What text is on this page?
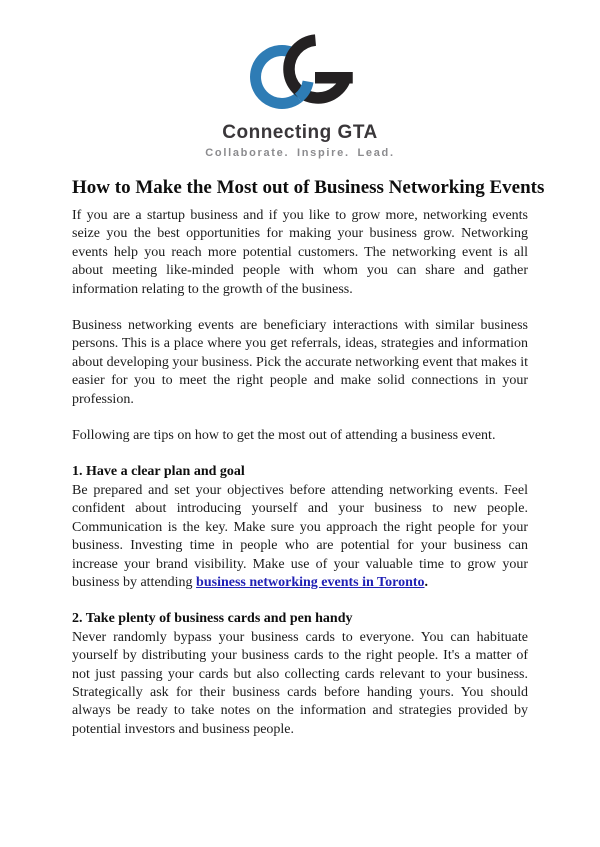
Connecting GTA
Collaborate. Inspire. Lead.
How to Make the Most out of Business Networking Events

If you are a startup business and if you like to grow more, networking events seize you the best opportunities for making your business grow. Networking events help you reach more potential customers. The networking event is all about meeting like-minded people with whom you can share and gather information relating to the growth of the business.

Business networking events are beneficiary interactions with similar business persons. This is a place where you get referrals, ideas, strategies and information about developing your business. Pick the accurate networking event that makes it easier for you to meet the right people and make solid connections in your profession.

Following are tips on how to get the most out of attending a business event.

1. Have a clear plan and goal

Be prepared and set your objectives before attending networking events. Feel confident about introducing yourself and your business to new people. Communication is the key. Make sure you approach the right people for your business. Investing time in people who are potential for your business can increase your brand visibility. Make use of your valuable time to grow your business by attending business networking events in Toronto.

2. Take plenty of business cards and pen handy

Never randomly bypass your business cards to everyone. You can habituate yourself by distributing your business cards to the right people. It's a matter of not just passing your cards but also collecting cards relevant to your business. Strategically ask for their business cards before handing yours. You should always be ready to take notes on the information and strategies provided by potential investors and business people.
